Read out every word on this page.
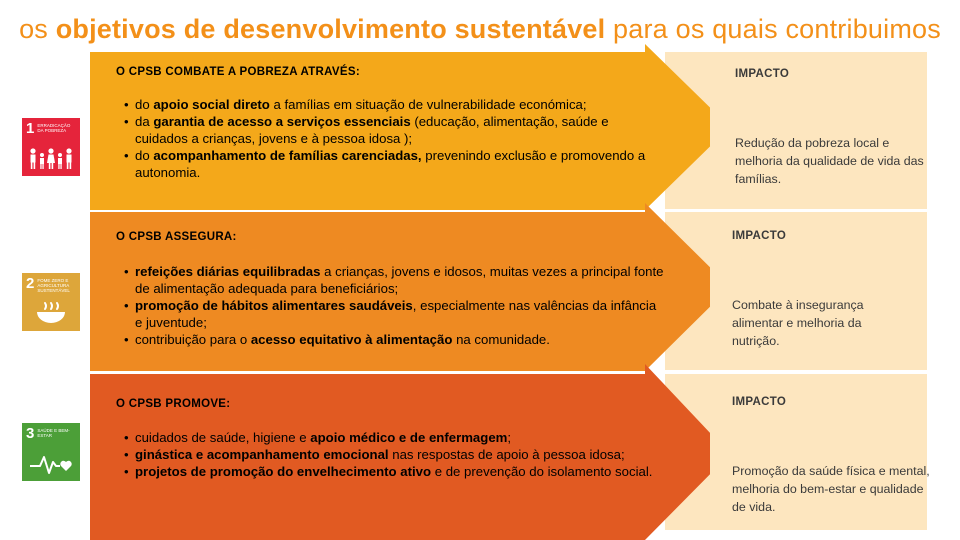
os objetivos de desenvolvimento sustentável para os quais contribuimos
1 ERRADICAÇÃO DA POBREZA
2 FOME ZERO E AGRICULTURA SUSTENTÁVEL
3 SAÚDE E BEM-ESTAR
IMPACTO
Redução da pobreza local e melhoria da qualidade de vida das famílias.
IMPACTO
Combate à insegurança alimentar e melhoria da nutrição.
IMPACTO
Promoção da saúde física e mental, melhoria do bem-estar e qualidade de vida.
O CPSB COMBATE A POBREZA ATRAVÉS:
• do apoio social direto a famílias em situação de vulnerabilidade económica;
• da garantia de acesso a serviços essenciais (educação, alimentação, saúde e cuidados a crianças, jovens e à pessoa idosa );
• do acompanhamento de famílias carenciadas, prevenindo exclusão e promovendo a autonomia.
O CPSB ASSEGURA:
• refeições diárias equilibradas a crianças, jovens e idosos, muitas vezes a principal fonte de alimentação adequada para beneficiários;
• promoção de hábitos alimentares saudáveis, especialmente nas valências da infância e juventude;
• contribuição para o acesso equitativo à alimentação na comunidade.
O CPSB PROMOVE:
• cuidados de saúde, higiene e apoio médico e de enfermagem;
• ginástica e acompanhamento emocional nas respostas de apoio à pessoa idosa;
• projetos de promoção do envelhecimento ativo e de prevenção do isolamento social.
